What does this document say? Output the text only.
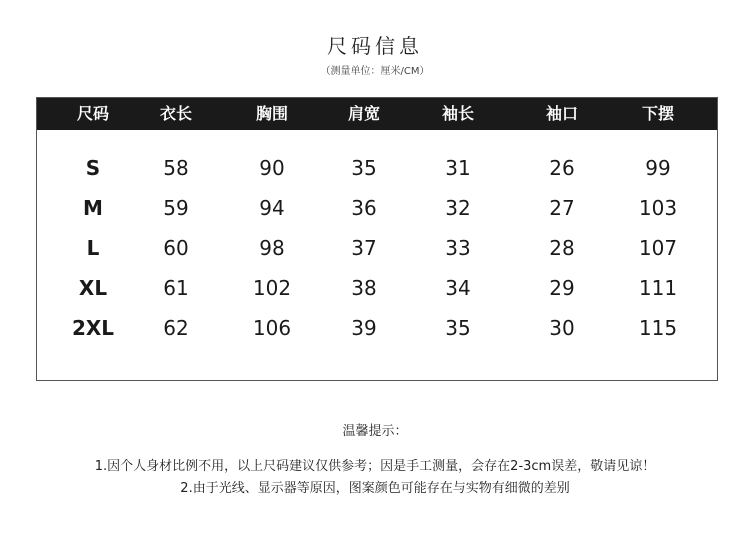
尺码信息
（测量单位：厘米/CM）
尺码	衣长	胸围	肩宽	袖长	袖口	下摆
S	58	90	35	31	26	99
M	59	94	36	32	27	103
L	60	98	37	33	28	107
XL	61	102	38	34	29	111
2XL	62	106	39	35	30	115
温馨提示：
1.因个人身材比例不用，以上尺码建议仅供参考；因是手工测量，会存在2-3cm误差，敬请见谅！
2.由于光线、显示器等原因，图案颜色可能存在与实物有细微的差别
